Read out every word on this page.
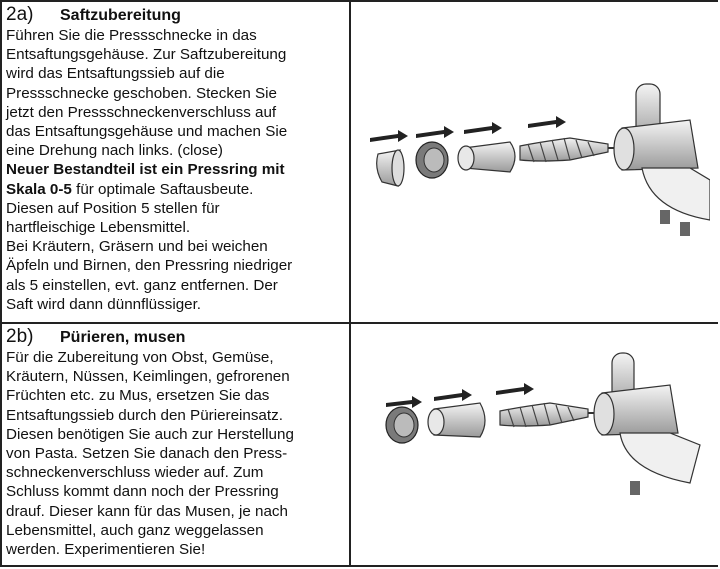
2a)	Saftzubereitung

Führen Sie die Pressschnecke in das
Entsaftungsgehäuse. Zur Saftzubereitung
wird das Entsaftungssieb auf die
Pressschnecke geschoben. Stecken Sie
jetzt den Pressschneckenverschluss auf
das Entsaftungsgehäuse und machen Sie
eine Drehung nach links. (close)
Neuer Bestandteil ist ein Pressring mit
Skala 0-5 für optimale Saftausbeute.
Diesen auf Position 5 stellen für
hartfleischige Lebensmittel.
Bei Kräutern, Gräsern und bei weichen
Äpfeln und Birnen, den Pressring niedriger
als 5 einstellen, evt. ganz entfernen. Der
Saft wird dann dünnflüssiger.

2b)	Pürieren, musen

Für die Zubereitung von Obst, Gemüse,
Kräutern, Nüssen, Keimlingen, gefrorenen
Früchten etc. zu Mus, ersetzen Sie das
Entsaftungssieb durch den Püriereinsatz.
Diesen benötigen Sie auch zur Herstellung
von Pasta. Setzen Sie danach den Press-
schneckenverschluss wieder auf. Zum
Schluss kommt dann noch der Pressring
drauf. Dieser kann für das Musen, je nach
Lebensmittel, auch ganz weggelassen
werden. Experimentieren Sie!
